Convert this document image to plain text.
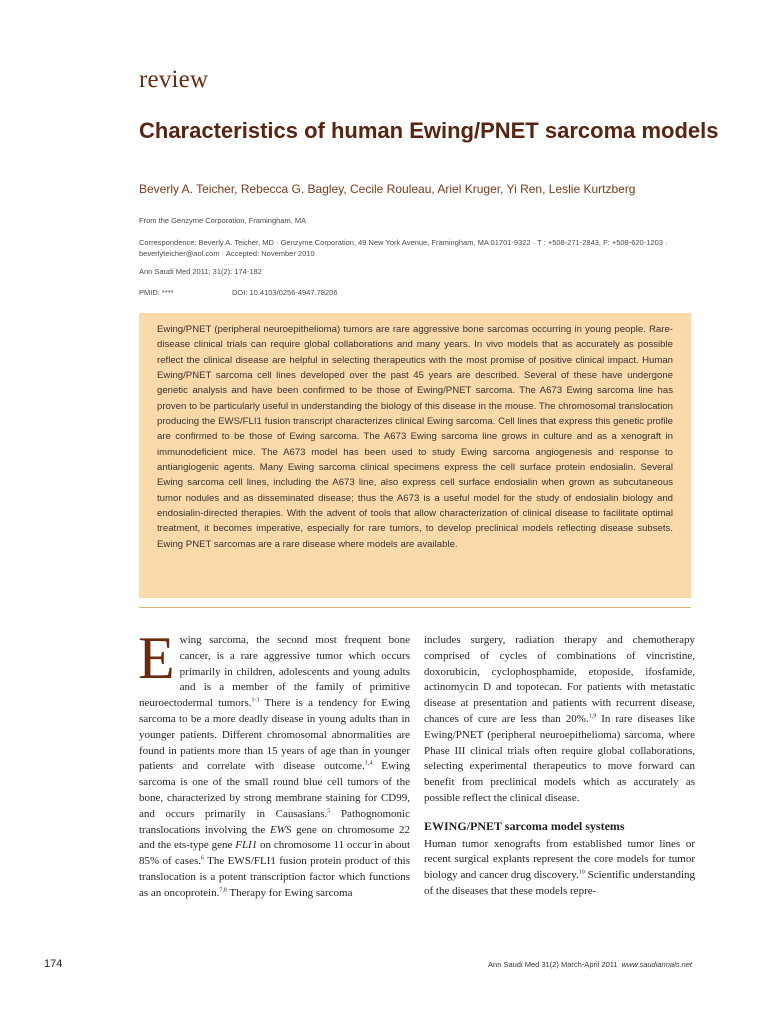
review
Characteristics of human Ewing/PNET sarcoma models
Beverly A. Teicher, Rebecca G. Bagley, Cecile Rouleau, Ariel Kruger, Yi Ren, Leslie Kurtzberg
From the Genzyme Corporation, Framingham, MA
Correspondence: Beverly A. Teicher, MD · Genzyme Corporation, 49 New York Avenue, Framingham, MA 01701-9322 · T : +508-271-2843, F: +508-620-1203 · beverlyteicher@aol.com · Accepted: November 2010
Ann Saudi Med 2011; 31(2): 174-182
PMID: ****	DOI: 10.4103/0256-4947.78206

Ewing/PNET (peripheral neuroepithelioma) tumors are rare aggressive bone sarcomas occurring in young people. Rare-disease clinical trials can require global collaborations and many years. In vivo models that as accurately as possible reflect the clinical disease are helpful in selecting therapeutics with the most promise of positive clinical impact. Human Ewing/PNET sarcoma cell lines developed over the past 45 years are described. Several of these have undergone genetic analysis and have been confirmed to be those of Ewing/PNET sarcoma. The A673 Ewing sarcoma line has proven to be particularly useful in understanding the biology of this disease in the mouse. The chromosomal translocation producing the EWS/FLI1 fusion transcript characterizes clinical Ewing sarcoma. Cell lines that express this genetic profile are confirmed to be those of Ewing sarcoma. The A673 Ewing sarcoma line grows in culture and as a xenograft in immunodeficient mice. The A673 model has been used to study Ewing sarcoma angiogenesis and response to antiangiogenic agents. Many Ewing sarcoma clinical specimens express the cell surface protein endosialin. Several Ewing sarcoma cell lines, including the A673 line, also express cell surface endosialin when grown as subcutaneous tumor nodules and as disseminated disease; thus the A673 is a useful model for the study of endosialin biology and endosialin-directed therapies. With the advent of tools that allow characterization of clinical disease to facilitate optimal treatment, it becomes imperative, especially for rare tumors, to develop preclinical models reflecting disease subsets. Ewing PNET sarcomas are a rare disease where models are available.

Ewing sarcoma, the second most frequent bone cancer, is a rare aggressive tumor which occurs primarily in children, adolescents and young adults and is a member of the family of primitive neuroectodermal tumors.$^{1-3}$ There is a tendency for Ewing sarcoma to be a more deadly disease in young adults than in younger patients. Different chromosomal abnormalities are found in patients more than 15 years of age than in younger patients and correlate with disease outcome.$^{1,4}$ Ewing sarcoma is one of the small round blue cell tumors of the bone, characterized by strong membrane staining for CD99, and occurs primarily in Causasians.$^5$ Pathognomonic translocations involving the EWS gene on chromosome 22 and the ets-type gene FLI1 on chromosome 11 occur in about 85% of cases.$^6$ The EWS/FLI1 fusion protein product of this translocation is a potent transcription factor which functions as an oncoprotein.$^{7,8}$ Therapy for Ewing sarcoma

includes surgery, radiation therapy and chemotherapy comprised of cycles of combinations of vincristine, doxorubicin, cyclophosphamide, etoposide, ifosfamide, actinomycin D and topotecan. For patients with metastatic disease at presentation and patients with recurrent disease, chances of cure are less than 20%.$^{1,9}$ In rare diseases like Ewing/PNET (peripheral neuroepithelioma) sarcoma, where Phase III clinical trials often require global collaborations, selecting experimental therapeutics to move forward can benefit from preclinical models which as accurately as possible reflect the clinical disease.

EWING/PNET sarcoma model systems

Human tumor xenografts from established tumor lines or recent surgical explants represent the core models for tumor biology and cancer drug discovery.$^{10}$ Scientific understanding of the diseases that these models repre-

174	Ann Saudi Med 31(2) March-April 2011 www.saudiannals.net
